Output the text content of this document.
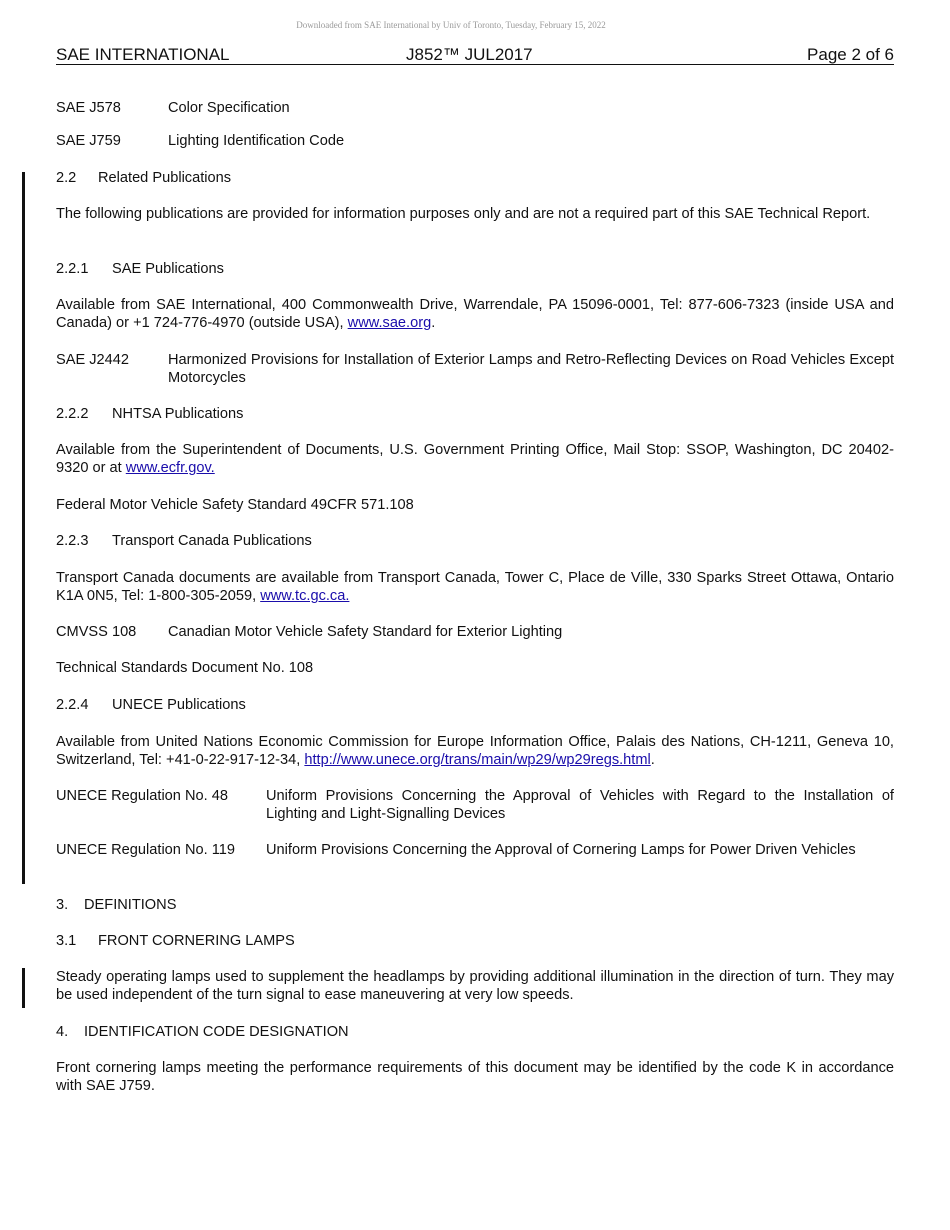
Downloaded from SAE International by Univ of Toronto, Tuesday, February 15, 2022
SAE INTERNATIONAL	J852™ JUL2017	Page 2 of 6
SAE J578	Color Specification
SAE J759	Lighting Identification Code
2.2 Related Publications
The following publications are provided for information purposes only and are not a required part of this SAE Technical Report.
2.2.1 SAE Publications
Available from SAE International, 400 Commonwealth Drive, Warrendale, PA 15096-0001, Tel: 877-606-7323 (inside USA and Canada) or +1 724-776-4970 (outside USA), www.sae.org.
SAE J2442	Harmonized Provisions for Installation of Exterior Lamps and Retro-Reflecting Devices on Road Vehicles Except Motorcycles
2.2.2 NHTSA Publications
Available from the Superintendent of Documents, U.S. Government Printing Office, Mail Stop: SSOP, Washington, DC 20402-9320 or at www.ecfr.gov.
Federal Motor Vehicle Safety Standard 49CFR 571.108
2.2.3 Transport Canada Publications
Transport Canada documents are available from Transport Canada, Tower C, Place de Ville, 330 Sparks Street Ottawa, Ontario K1A 0N5, Tel: 1-800-305-2059, www.tc.gc.ca.
CMVSS 108 Canadian Motor Vehicle Safety Standard for Exterior Lighting
Technical Standards Document No. 108
2.2.4 UNECE Publications
Available from United Nations Economic Commission for Europe Information Office, Palais des Nations, CH-1211, Geneva 10, Switzerland, Tel: +41-0-22-917-12-34, http://www.unece.org/trans/main/wp29/wp29regs.html.
UNECE Regulation No. 48	Uniform Provisions Concerning the Approval of Vehicles with Regard to the Installation of Lighting and Light-Signalling Devices
UNECE Regulation No. 119 Uniform Provisions Concerning the Approval of Cornering Lamps for Power Driven Vehicles
3. DEFINITIONS
3.1 FRONT CORNERING LAMPS
Steady operating lamps used to supplement the headlamps by providing additional illumination in the direction of turn. They may be used independent of the turn signal to ease maneuvering at very low speeds.
4. IDENTIFICATION CODE DESIGNATION
Front cornering lamps meeting the performance requirements of this document may be identified by the code K in accordance with SAE J759.
